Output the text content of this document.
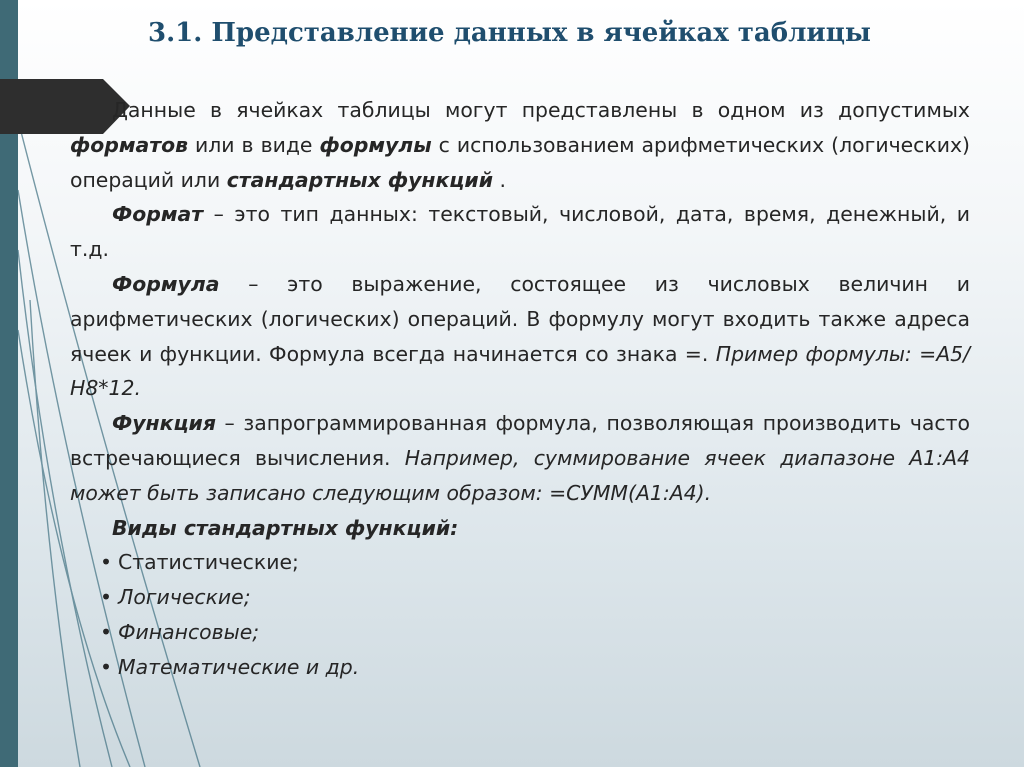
3.1. Представление данных в ячейках таблицы

Данные в ячейках таблицы могут представлены в одном из допустимых форматов или в виде формулы с использованием арифметических (логических) операций или стандартных функций .

Формат – это тип данных: текстовый, числовой, дата, время, денежный, и т.д.

Формула – это выражение, состоящее из числовых величин и арифметических (логических) операций. В формулу могут входить также адреса ячеек и функции. Формула всегда начинается со знака =. Пример формулы: =А5/Н8*12.

Функция – запрограммированная формула, позволяющая производить часто встречающиеся вычисления. Например, суммирование ячеек диапазоне А1:А4 может быть записано следующим образом: =СУММ(А1:А4).

Виды стандартных функций:

• Статистические;
• Логические;
• Финансовые;
• Математические и др.
